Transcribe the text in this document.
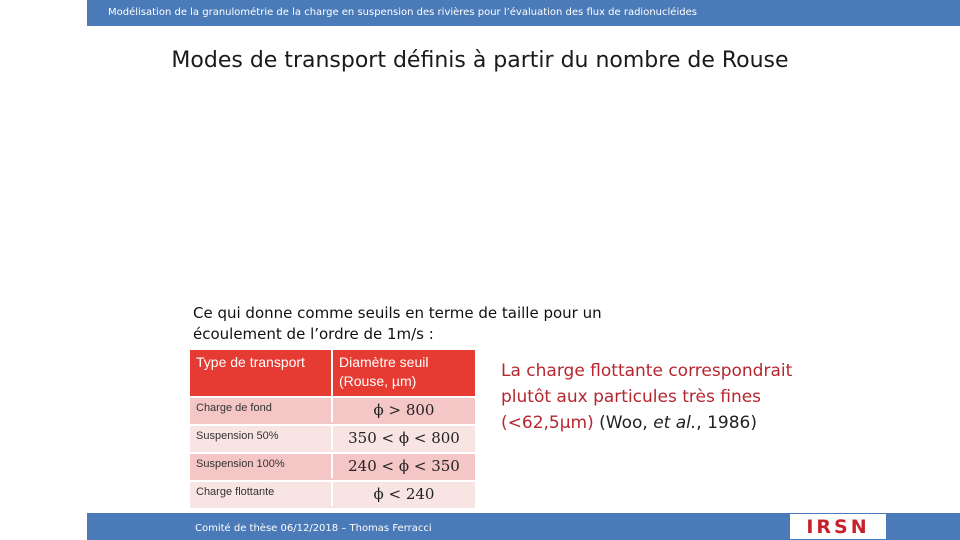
Modélisation de la granulométrie de la charge en suspension des rivières pour l’évaluation des flux de radionucléides
Modes de transport définis à partir du nombre de Rouse
Ce qui donne comme seuils en terme de taille pour un écoulement de l’ordre de 1m/s :
Type de transport	Diamètre seuil (Rouse, µm)
Charge de fond	ϕ > 800
Suspension 50%	350 < ϕ < 800
Suspension 100%	240 < ϕ < 350
Charge flottante	ϕ < 240
La charge flottante correspondrait plutôt aux particules très fines (<62,5µm) (Woo, et al., 1986)
Comité de thèse 06/12/2018 – Thomas Ferracci	IRSN
